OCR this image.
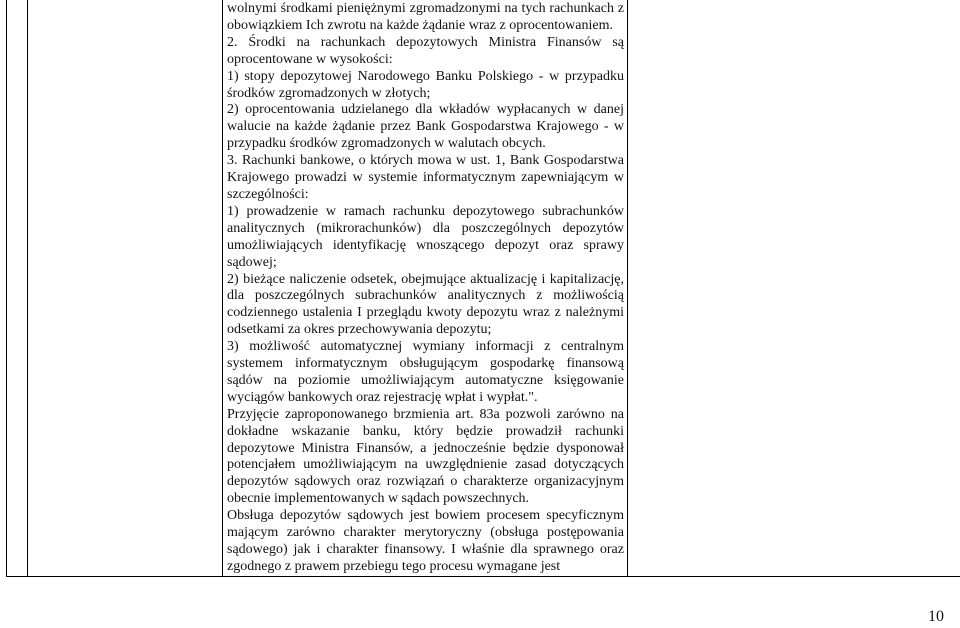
wolnymi środkami pieniężnymi zgromadzonymi na tych rachunkach z obowiązkiem Ich zwrotu na każde żądanie wraz z oprocentowaniem.

2. Środki na rachunkach depozytowych Ministra Finansów są oprocentowane w wysokości:

1) stopy depozytowej Narodowego Banku Polskiego - w przypadku środków zgromadzonych w złotych;

2) oprocentowania udzielanego dla wkładów wypłacanych w danej walucie na każde żądanie przez Bank Gospodarstwa Krajowego - w przypadku środków zgromadzonych w walutach obcych.

3. Rachunki bankowe, o których mowa w ust. 1, Bank Gospodarstwa Krajowego prowadzi w systemie informatycznym zapewniającym w szczególności:

1) prowadzenie w ramach rachunku depozytowego subrachunków analitycznych (mikrorachunków) dla poszczególnych depozytów umożliwiających identyfikację wnoszącego depozyt oraz sprawy sądowej;

2) bieżące naliczenie odsetek, obejmujące aktualizację i kapitalizację, dla poszczególnych subrachunków analitycznych z możliwością codziennego ustalenia I przeglądu kwoty depozytu wraz z należnymi odsetkami za okres przechowywania depozytu;

3) możliwość automatycznej wymiany informacji z centralnym systemem informatycznym obsługującym gospodarkę finansową sądów na poziomie umożliwiającym automatyczne księgowanie wyciągów bankowych oraz rejestrację wpłat i wypłat.".

Przyjęcie zaproponowanego brzmienia art. 83a pozwoli zarówno na dokładne wskazanie banku, który będzie prowadził rachunki depozytowe Ministra Finansów, a jednocześnie będzie dysponował potencjałem umożliwiającym na uwzględnienie zasad dotyczących depozytów sądowych oraz rozwiązań o charakterze organizacyjnym obecnie implementowanych w sądach powszechnych.

Obsługa depozytów sądowych jest bowiem procesem specyficznym mającym zarówno charakter merytoryczny (obsługa postępowania sądowego) jak i charakter finansowy. I właśnie dla sprawnego oraz zgodnego z prawem przebiegu tego procesu wymagane jest

10
